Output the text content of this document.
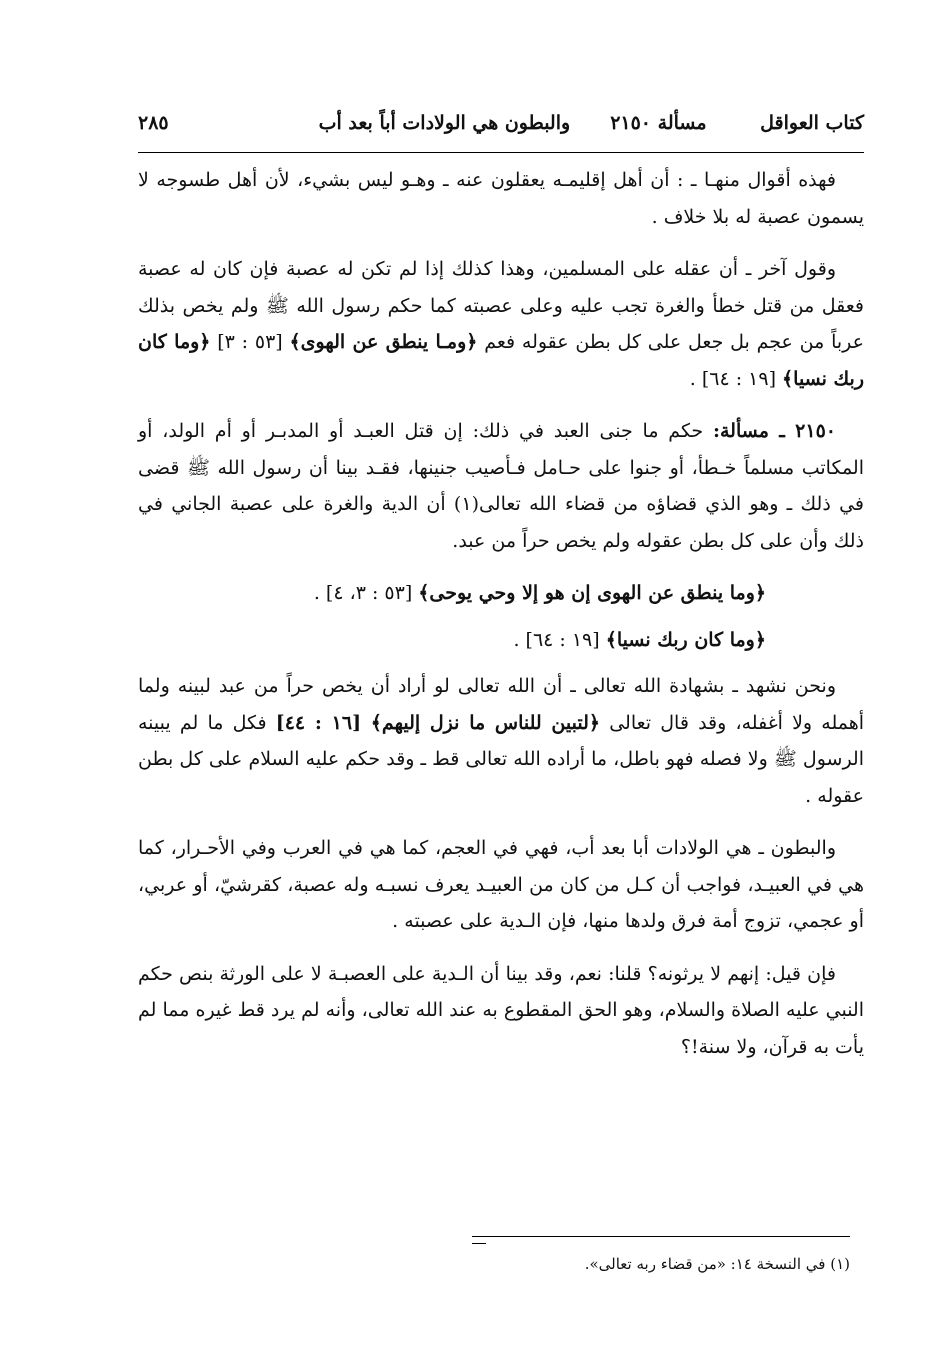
كتاب العواقل
مسألة ٢١٥٠
والبطون هي الولادات أباً بعد أب
٢٨٥

فهذه أقوال منهـا ـ : أن أهل إقليمـه يعقلون عنه ـ وهـو ليس بشيء، لأن أهل طسوجه لا يسمون عصبة له بلا خلاف .

وقول آخر ـ أن عقله على المسلمين، وهذا كذلك إذا لم تكن له عصبة فإن كان له عصبة فعقل من قتل خطأ والغرة تجب عليه وعلى عصبته كما حكم رسول الله ﷺ ولم يخص بذلك عرباً من عجم بل جعل على كل بطن عقوله فعم ﴿ومـا ينطق عن الهوى﴾ [٥٣ : ٣] ﴿وما كان ربك نسيا﴾ [١٩ : ٦٤] .

٢١٥٠ ـ مسألة: حكم ما جنى العبد في ذلك: إن قتل العبـد أو المدبـر أو أم الولد، أو المكاتب مسلماً خـطأ، أو جنوا على حـامل فـأصيب جنينها، فقـد بينا أن رسول الله ﷺ قضى في ذلك ـ وهو الذي قضاؤه من قضاء الله تعالى(١) أن الدية والغرة على عصبة الجاني في ذلك وأن على كل بطن عقوله ولم يخص حراً من عبد.

﴿وما ينطق عن الهوى إن هو إلا وحي يوحى﴾ [٥٣ : ٣، ٤] .

﴿وما كان ربك نسيا﴾ [١٩ : ٦٤] .

ونحن نشهد ـ بشهادة الله تعالى ـ أن الله تعالى لو أراد أن يخص حراً من عبد لبينه ولما أهمله ولا أغفله، وقد قال تعالى ﴿لتبين للناس ما نزل إليهم﴾ [١٦ : ٤٤] فكل ما لم يبينه الرسول ﷺ ولا فصله فهو باطل، ما أراده الله تعالى قط ـ وقد حكم عليه السلام على كل بطن عقوله .

والبطون ـ هي الولادات أبا بعد أب، فهي في العجم، كما هي في العرب وفي الأحـرار، كما هي في العبيـد، فواجب أن كـل من كان من العبيـد يعرف نسبـه وله عصبة، كقرشيّ، أو عربي، أو عجمي، تزوج أمة فرق ولدها منها، فإن الـدية على عصبته .

فإن قيل: إنهم لا يرثونه؟ قلنا: نعم، وقد بينا أن الـدية على العصبـة لا على الورثة بنص حكم النبي عليه الصلاة والسلام، وهو الحق المقطوع به عند الله تعالى، وأنه لم يرد قط غيره مما لم يأت به قرآن، ولا سنة!؟

(١) في النسخة ١٤: «من قضاء ربه تعالى».
